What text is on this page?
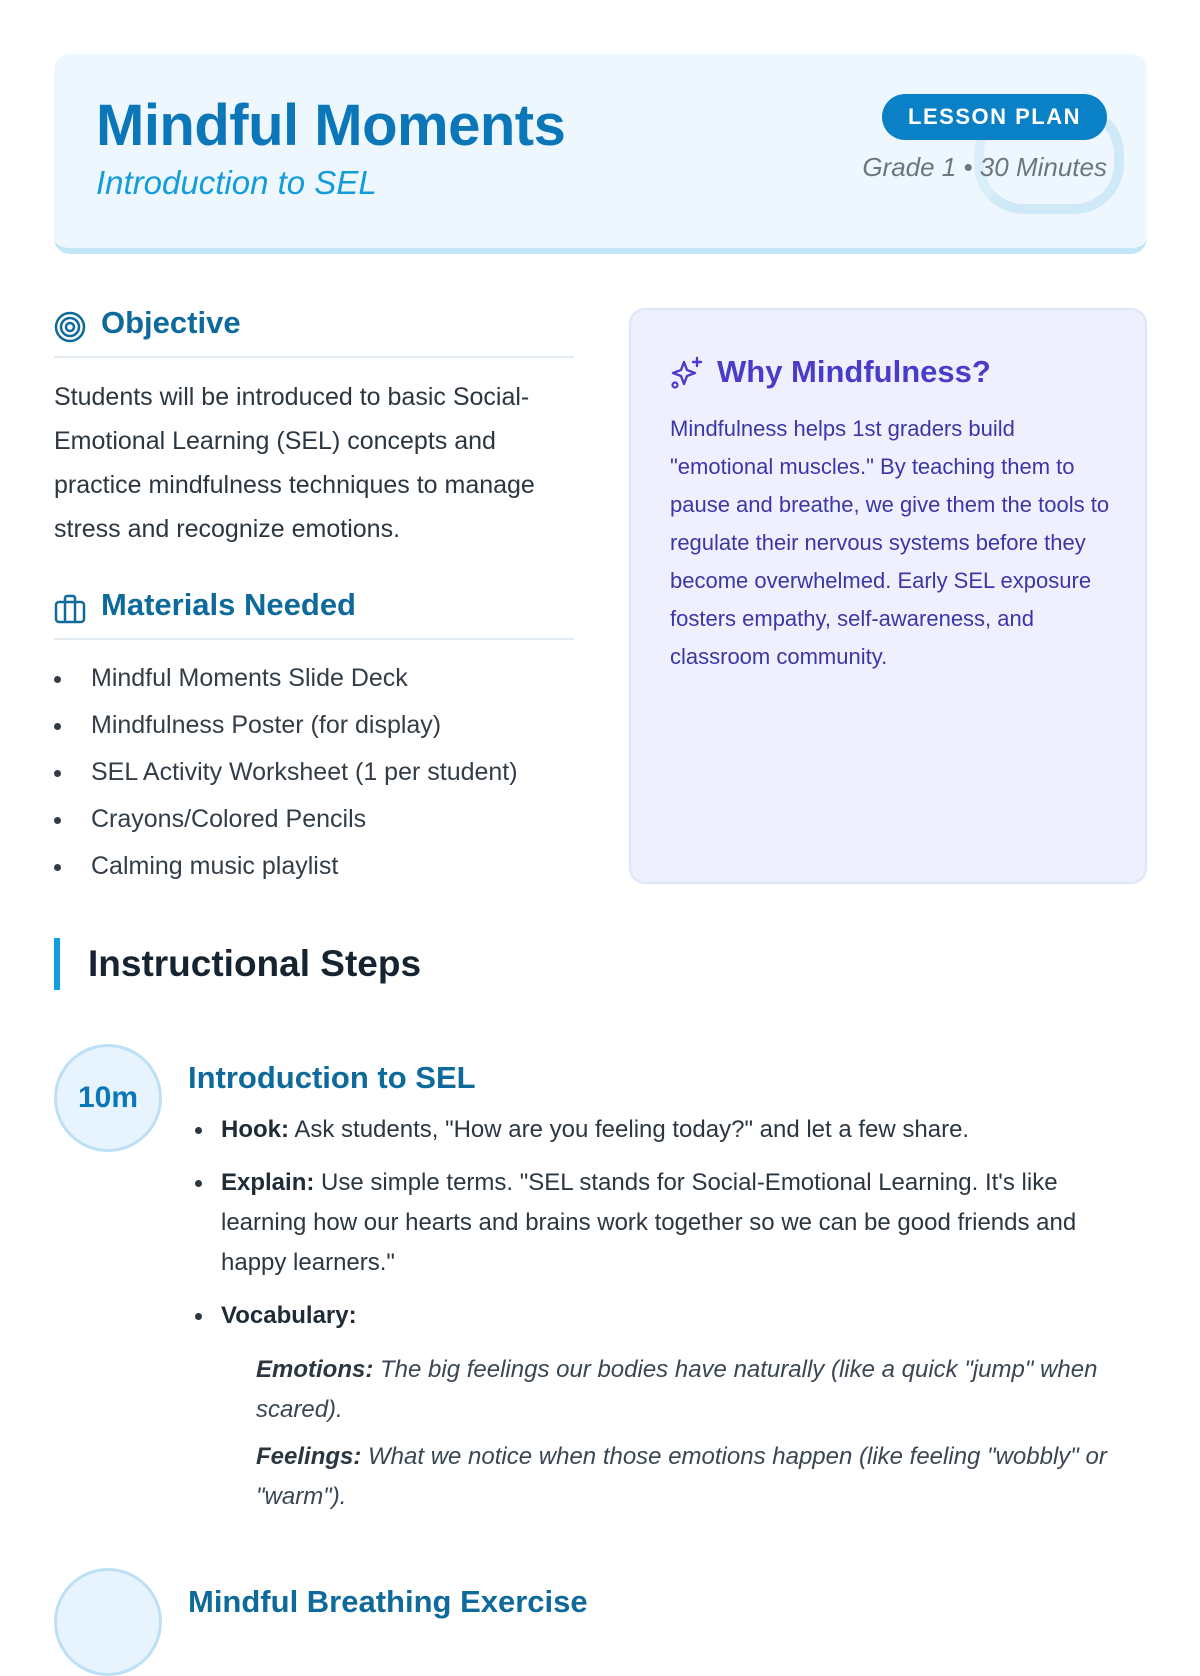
Mindful Moments
Introduction to SEL
LESSON PLAN
Grade 1 • 30 Minutes
Objective
Students will be introduced to basic Social-Emotional Learning (SEL) concepts and practice mindfulness techniques to manage stress and recognize emotions.
Materials Needed
Mindful Moments Slide Deck
Mindfulness Poster (for display)
SEL Activity Worksheet (1 per student)
Crayons/Colored Pencils
Calming music playlist
Why Mindfulness?
Mindfulness helps 1st graders build "emotional muscles." By teaching them to pause and breathe, we give them the tools to regulate their nervous systems before they become overwhelmed. Early SEL exposure fosters empathy, self-awareness, and classroom community.
Instructional Steps
10m
Introduction to SEL
Hook: Ask students, "How are you feeling today?" and let a few share.
Explain: Use simple terms. "SEL stands for Social-Emotional Learning. It's like learning how our hearts and brains work together so we can be good friends and happy learners."
Vocabulary:
Emotions: The big feelings our bodies have naturally (like a quick "jump" when scared).
Feelings: What we notice when those emotions happen (like feeling "wobbly" or "warm").
Mindful Breathing Exercise
